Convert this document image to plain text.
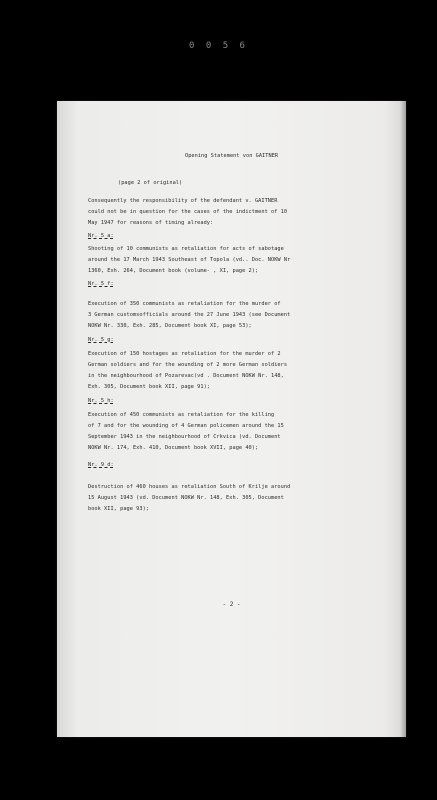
0 0 5 6
Opening Statement von GAITNER
(page 2 of original)
Consequently the responsibility of the defendant v. GAITNER
could not be in question for the cases of the indictment of 10
May 1947 for reasons of timing already:
Nr. 5 a:
Shooting of 10 communists as retaliation for acts of sabotage
around the 17 March 1943 Southeast of Topola (vd.. Doc. NOKW Nr
1360, Exh. 264, Document book (volume- , XI, page 2);
Nr. 5 f:
Execution of 350 communists as retaliation for the murder of
3 German customsofficials around the 27 June 1943 (see Document
NOKW Nr. 330, Exh. 285, Document book XI, page 53);
Nr. 5 g:
Execution of 150 hostages as retaliation for the murder of 2
German soldiers and for the wounding of 2 more German soldiers
in the neighbourhood of Pozarevac(vd . Document NOKW Nr. 148,
Exh. 305, Document book XII, page 91);
Nr. 5 h:
Execution of 450 communists as retaliation for the killing
of 7 and for the wounding of 4 German policemen around the 15
September 1943 in the neighbourhood of Crkvica (vd. Document
NOKW Nr. 174, Exh. 410, Document book XVII, page 40);
Nr. 9 d:
Destruction of 460 houses as retaliation South of Krilje around
15 August 1943 (vd. Document NOKW Nr. 148, Exh. 305, Document
book XII, page 93);
- 2 -
